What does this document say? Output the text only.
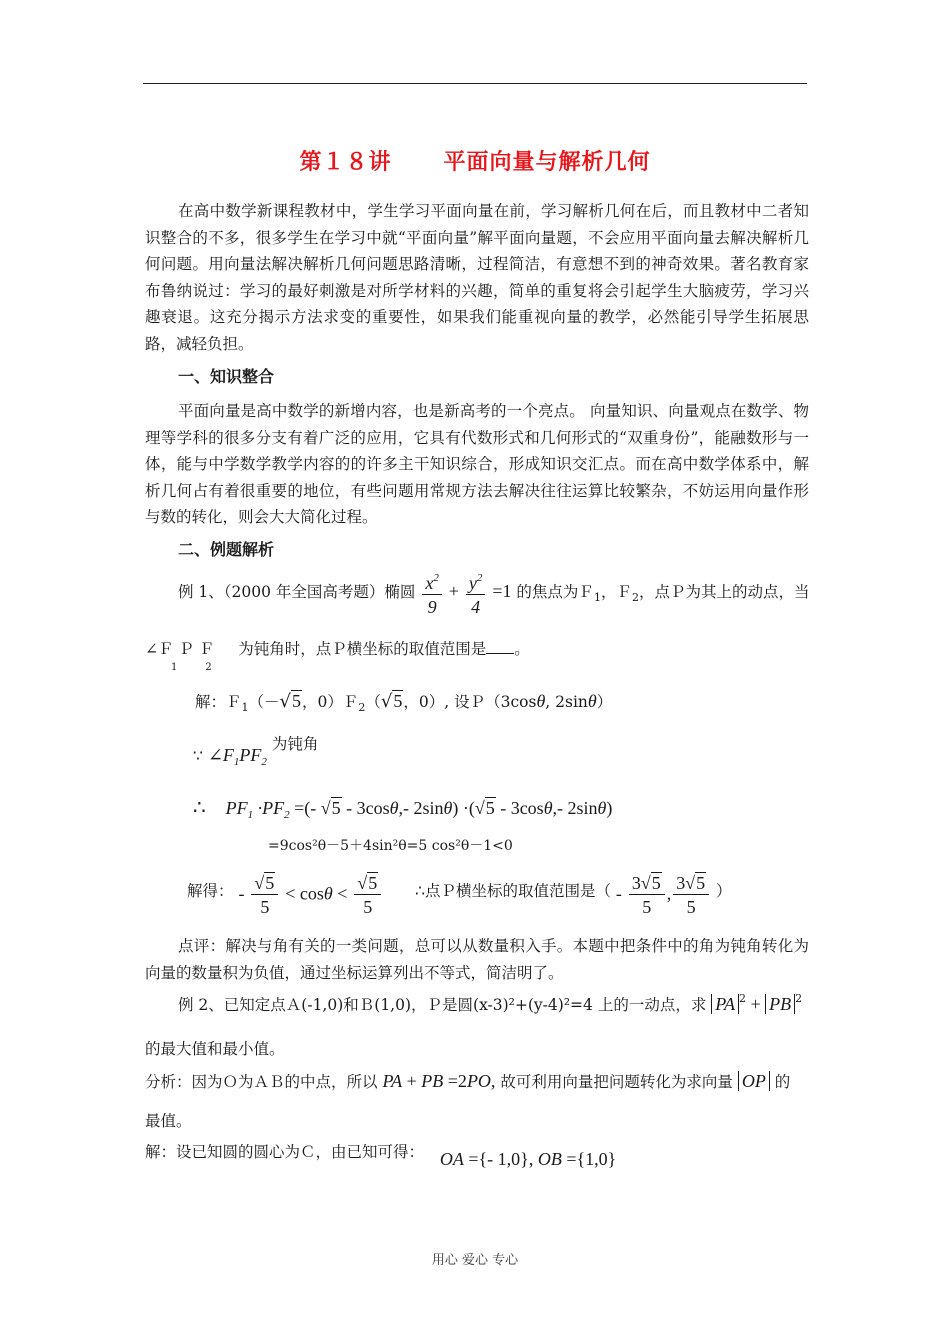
第１８讲 平面向量与解析几何
在高中数学新课程教材中，学生学习平面向量在前，学习解析几何在后，而且教材中二者知识整合的不多，很多学生在学习中就“平面向量”解平面向量题，不会应用平面向量去解决解析几何问题。用向量法解决解析几何问题思路清晰，过程简洁，有意想不到的神奇效果。著名教育家布鲁纳说过：学习的最好刺激是对所学材料的兴趣，简单的重复将会引起学生大脑疲劳，学习兴趣衰退。这充分揭示方法求变的重要性，如果我们能重视向量的教学，必然能引导学生拓展思路，减轻负担。
一、知识整合
平面向量是高中数学的新增内容，也是新高考的一个亮点。 向量知识、向量观点在数学、物理等学科的很多分支有着广泛的应用，它具有代数形式和几何形式的“双重身份”，能融数形与一体，能与中学数学教学内容的的许多主干知识综合，形成知识交汇点。而在高中数学体系中，解析几何占有着很重要的地位，有些问题用常规方法去解决往往运算比较繁杂，不妨运用向量作形与数的转化，则会大大简化过程。
二、例题解析
例 1、（2000 年全国高考题）椭圆 $\frac{x^2}{9} + \frac{y^2}{4} =1$ 的焦点为Ｆ$_1$，Ｆ$_2$，点Ｐ为其上的动点，当
∠Ｆ Ｐ Ｆ 为钝角时，点Ｐ横坐标的取值范围是 。
1	2
解：Ｆ$_1$（－√5，0）Ｆ$_2$（√5，0）, 设Ｐ（3cosθ, 2sinθ）
∵ $\angle F_1PF_2$ 为钝角
∴ $PF_1 \cdot PF_2$ =(- √5 - 3cosθ,- 2sinθ) ·(√5 - 3cosθ,- 2sinθ)
=9cos²θ－5＋4sin²θ=5 cos²θ－1<0
解得： - $\frac{√5}{5} < \cos\theta < \frac{√5}{5}$ ∴点Ｐ横坐标的取值范围是（ - $\frac{3√5}{5}$ , $\frac{3√5}{5}$ ）
点评：解决与角有关的一类问题，总可以从数量积入手。本题中把条件中的角为钝角转化为向量的数量积为负值，通过坐标运算列出不等式，简洁明了。
例 2、已知定点Ａ(-1,0)和Ｂ(1,0)，Ｐ是圆(x-3)²+(y-4)²=4 上的一动点，求 PA $^2$ + PB $^2$
的最大值和最小值。
分析：因为Ｏ为ＡＢ的中点，所以 PA + PB =2PO, 故可利用向量把问题转化为求向量 OP 的
最值。
解：设已知圆的圆心为Ｃ，由已知可得： OA ={- 1,0}, OB ={1,0}
用心 爱心 专心
